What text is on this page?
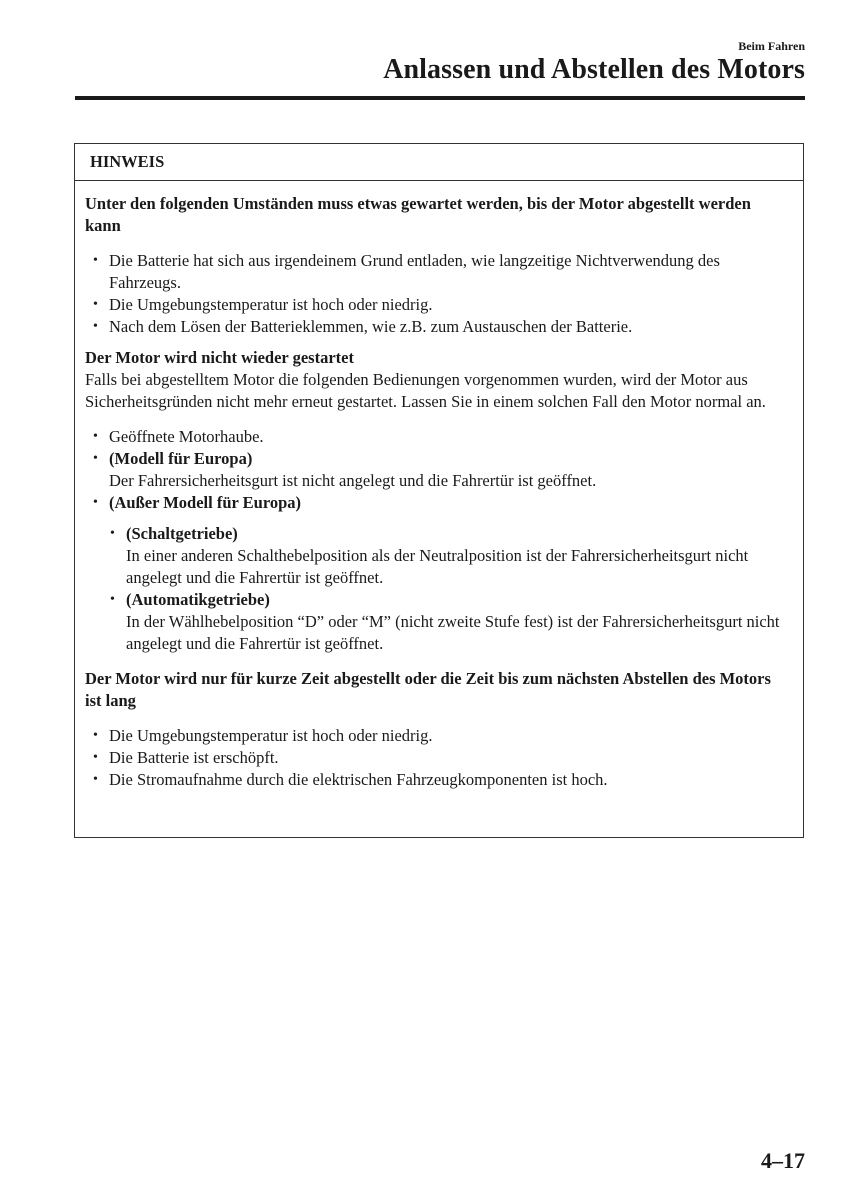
Beim Fahren
Anlassen und Abstellen des Motors
HINWEIS
Unter den folgenden Umständen muss etwas gewartet werden, bis der Motor abgestellt werden kann
• Die Batterie hat sich aus irgendeinem Grund entladen, wie langzeitige Nichtverwendung des Fahrzeugs.
• Die Umgebungstemperatur ist hoch oder niedrig.
• Nach dem Lösen der Batterieklemmen, wie z.B. zum Austauschen der Batterie.
Der Motor wird nicht wieder gestartet
Falls bei abgestelltem Motor die folgenden Bedienungen vorgenommen wurden, wird der Motor aus Sicherheitsgründen nicht mehr erneut gestartet. Lassen Sie in einem solchen Fall den Motor normal an.
• Geöffnete Motorhaube.
• (Modell für Europa)
Der Fahrersicherheitsgurt ist nicht angelegt und die Fahrertür ist geöffnet.
• (Außer Modell für Europa)
• (Schaltgetriebe)
In einer anderen Schalthebelposition als der Neutralposition ist der Fahrersicherheitsgurt nicht angelegt und die Fahrertür ist geöffnet.
• (Automatikgetriebe)
In der Wählhebelposition “D” oder “M” (nicht zweite Stufe fest) ist der Fahrersicherheitsgurt nicht angelegt und die Fahrertür ist geöffnet.
Der Motor wird nur für kurze Zeit abgestellt oder die Zeit bis zum nächsten Abstellen des Motors ist lang
• Die Umgebungstemperatur ist hoch oder niedrig.
• Die Batterie ist erschöpft.
• Die Stromaufnahme durch die elektrischen Fahrzeugkomponenten ist hoch.
4–17
